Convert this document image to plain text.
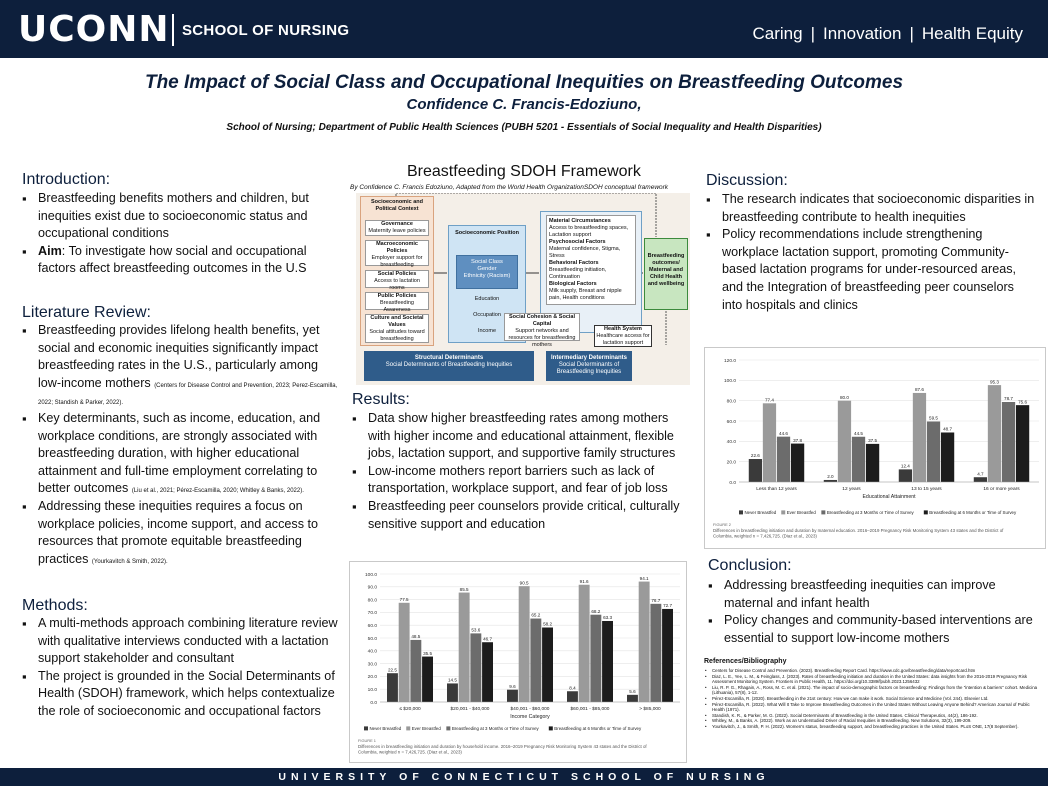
UCONN SCHOOL OF NURSING	Caring | Innovation | Health Equity
The Impact of Social Class and Occupational Inequities on Breastfeeding Outcomes
Confidence C. Francis-Edoziuno,
School of Nursing; Department of Public Health Sciences (PUBH 5201 - Essentials of Social Inequality and Health Disparities)
Introduction:
▪ Breastfeeding benefits mothers and children, but inequities exist due to socioeconomic status and occupational conditions
▪ Aim: To investigate how social and occupational factors affect breastfeeding outcomes in the U.S
Literature Review:
▪ Breastfeeding provides lifelong health benefits, yet social and economic inequities significantly impact breastfeeding rates in the U.S., particularly among low-income mothers (Centers for Disease Control and Prevention, 2023; Perez-Escamilla, 2022; Standish & Parker, 2022).
▪ Key determinants, such as income, education, and workplace conditions, are strongly associated with breastfeeding duration, with higher educational attainment and full-time employment correlating to better outcomes (Liu et al., 2021; Pérez-Escamilla, 2020; Whitley & Banks, 2022).
▪ Addressing these inequities requires a focus on workplace policies, income support, and access to resources that promote equitable breastfeeding practices (Yourkavitch & Smith, 2022).
Methods:
▪ A multi-methods approach combining literature review with qualitative interviews conducted with a lactation support stakeholder and consultant
▪ The project is grounded in the Social Determinants of Health (SDOH) framework, which helps contextualize the role of socioeconomic and occupational factors
Breastfeeding SDOH Framework
By Confidence C. Francis Edoziuno, Adapted from the World Health OrganizationSDOH conceptual framework
Socioeconomic and Political Context
Governance
Maternity leave policies
Macroeconomic Policies
Employer support for breastfeeding
Social Policies
Access to lactation rooms
Public Policies
Breastfeeding Awareness
Culture and Societal Values
Social attitudes toward breastfeeding
Socioeconomic Position
Social Class
Gender
Ethnicity (Racism)
Education
Occupation
Income
Material Circumstances
Access to breastfeeding spaces, Lactation support
Psychosocial Factors
Maternal confidence, Stigma, Stress
Behavioral Factors
Breastfeeding initiation, Continuation
Biological Factors
Milk supply, Breast and nipple pain, Health conditions
Social Cohesion & Social Capital
Support networks and resources for breastfeeding mothers
Health System
Healthcare access for lactation support
Breastfeeding outcomes/ Maternal and Child Health and wellbeing
Structural Determinants
Social Determinants of Breastfeeding Inequities
Intermediary Determinants
Social Determinants of Breastfeeding Inequities
Results:
▪ Data show higher breastfeeding rates among mothers with higher income and educational attainment, flexible jobs, lactation support, and supportive family structures
▪ Low-income mothers report barriers such as lack of transportation, workplace support, and fear of job loss
▪ Breastfeeding peer counselors provide critical, culturally sensitive support and education
0.0
10.0
20.0
30.0
40.0
50.0
60.0
70.0
80.0
90.0
100.0
22.5
77.5
48.5
35.5
≤ $20,000
14.5
85.5
53.6
46.7
$20,001 - $40,000
9.6
90.5
65.2
58.2
$40,001 - $60,000
8.4
91.6
68.2
63.3
$60,001 - $85,000
5.6
94.1
76.7
72.7
> $85,000
Income Category
Never Breastfed Ever Breastfed	Breastfeeding at 3 Months or Time of Survey	Breastfeeding at 6 Months or Time of Survey
FIGURE 1
Differences in breastfeeding initiation and duration by household income. 2016–2019 Pregnancy Risk Monitoring System 43 states and the District of Columbia, weighted n = 7,426,725. (Diaz et al., 2023)
Discussion:
▪ The research indicates that socioeconomic disparities in breastfeeding contribute to health inequities
▪ Policy recommendations include strengthening workplace lactation support, promoting Community-based lactation programs for under-resourced areas, and the Integration of breastfeeding peer counselors into hospitals and clinics
0.0
20.0
40.0
60.0
80.0
100.0
120.0
22.6
77.4
44.6
37.8
Less than 12 years
2.0
80.0
44.5
37.5
12 years
12.4
87.6
59.5
48.7
13 to 15 years
4.7
95.3
78.7
75.6
16 or more years
Educational Attainment
Never Breastfed Ever Breastfed	Breastfeeding at 3 Months or Time of Survey	Breastfeeding at 6 Months or Time of Survey
FIGURE 2
Differences in breastfeeding initiation and duration by maternal education. 2016–2019 Pregnancy Risk Monitoring System 43 states and the District of Columbia, weighted n = 7,426,725. (Diaz et al., 2023)
Conclusion:
▪ Addressing breastfeeding inequities can improve maternal and infant health
▪ Policy changes and community-based interventions are essential to support low-income mothers
References/Bibliography
• Centers for Disease Control and Prevention. (2023). Breastfeeding Report Card. https://www.cdc.gov/breastfeeding/data/reportcard.htm
• Diaz, L. E., Yee, L. M., & Feinglass, J. (2023). Rates of breastfeeding initiation and duration in the United States: data insights from the 2016-2019 Pregnancy Risk Assessment Monitoring System. Frontiers in Public Health, 11. https://doi.org/10.3389/fpubh.2023.1256432
• Liu, R. P. G., Rhagain, A., Ross, M. C. et al. (2021). The impact of socio-demographic factors on breastfeeding: Findings from the "intention & barriers" cohort. Medicina (Lithuania), 57(8), 1-12.
• Pérez-Escamilla, R. (2020). Breastfeeding in the 21st century: How we can make it work. Social Science and Medicine (Vol. 244). Elsevier Ltd.
• Pérez-Escamilla, R. (2022). What Will It Take to Improve Breastfeeding Outcomes in the United States Without Leaving Anyone Behind? American Journal of Public Health (1971).
• Standish, K. R., & Parker, M. G. (2022). Social Determinants of Breastfeeding in the United States. Clinical Therapeutics, 44(2), 186-192.
• Whitley, M., & Banks, A. (2022). Work as an Understudied Driver of Racial Inequities in Breastfeeding. New Solutions, 32(3), 199-209.
• Yourkavitch, J., & Smith, P. H. (2022). Women's status, breastfeeding support, and breastfeeding practices in the United States. PLoS ONE, 17(8 September).
UNIVERSITY OF CONNECTICUT SCHOOL OF NURSING
